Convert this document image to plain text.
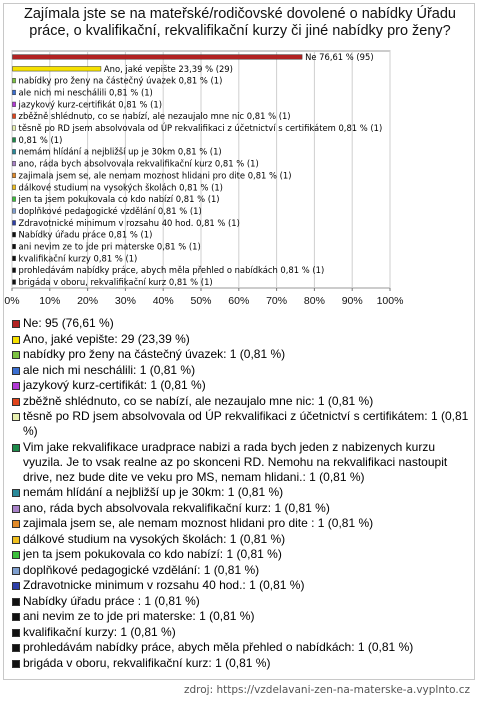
Zajímala jste se na mateřské/rodičovské dovolené o nabídky Úřadu práce, o kvalifikační, rekvalifikační kurzy či jiné nabídky pro ženy?
0% 10% 20% 30% 40% 50% 60% 70% 80% 90% 100%
Ne 76,61 % (95)
Ano, jaké vepište 23,39 % (29)
nabídky pro ženy na částečný úvazek 0,81 % (1)
ale nich mi neschálili 0,81 % (1)
jazykový kurz-certifikát 0,81 % (1)
zběžně shlédnuto, co se nabízí, ale nezaujalo mne nic 0,81 % (1)
těsně po RD jsem absolvovala od ÚP rekvalifikaci z účetnictví s certifikátem 0,81 % (1)
0,81 % (1)
nemám hlídání a nejbližší up je 30km 0,81 % (1)
ano, ráda bych absolvovala rekvalifikační kurz 0,81 % (1)
zajimala jsem se, ale nemam moznost hlidani pro dite 0,81 % (1)
dálkové studium na vysokých školách 0,81 % (1)
jen ta jsem pokukovala co kdo nabízí 0,81 % (1)
doplňkové pedagogické vzdělání 0,81 % (1)
Zdravotnické minimum v rozsahu 40 hod. 0,81 % (1)
Nabídky úřadu práce 0,81 % (1)
ani nevim ze to jde pri materske 0,81 % (1)
kvalifikační kurzy 0,81 % (1)
prohledávám nabídky práce, abych měla přehled o nabídkách 0,81 % (1)
brigáda v oboru, rekvalifikační kurz 0,81 % (1)
Ne: 95 (76,61 %)
Ano, jaké vepište: 29 (23,39 %)
nabídky pro ženy na částečný úvazek: 1 (0,81 %)
ale nich mi neschálili: 1 (0,81 %)
jazykový kurz-certifikát: 1 (0,81 %)
zběžně shlédnuto, co se nabízí, ale nezaujalo mne nic: 1 (0,81 %)
těsně po RD jsem absolvovala od ÚP rekvalifikaci z účetnictví s certifikátem: 1 (0,81 %)
Vim jake rekvalifikace uradprace nabizi a rada bych jeden z nabizenych kurzu vyuzila. Je to vsak realne az po skonceni RD. Nemohu na rekvalifikaci nastoupit drive, nez bude dite ve veku pro MS, nemam hlidani.: 1 (0,81 %)
nemám hlídání a nejbližší up je 30km: 1 (0,81 %)
ano, ráda bych absolvovala rekvalifikační kurz: 1 (0,81 %)
zajimala jsem se, ale nemam moznost hlidani pro dite : 1 (0,81 %)
dálkové studium na vysokých školách: 1 (0,81 %)
jen ta jsem pokukovala co kdo nabízí: 1 (0,81 %)
doplňkové pedagogické vzdělání: 1 (0,81 %)
Zdravotnicke minimum v rozsahu 40 hod.: 1 (0,81 %)
Nabídky úřadu práce : 1 (0,81 %)
ani nevim ze to jde pri materske: 1 (0,81 %)
kvalifikační kurzy: 1 (0,81 %)
prohledávám nabídky práce, abych měla přehled o nabídkách: 1 (0,81 %)
brigáda v oboru, rekvalifikační kurz: 1 (0,81 %)
zdroj: https://vzdelavani-zen-na-materske-a.vyplnto.cz
